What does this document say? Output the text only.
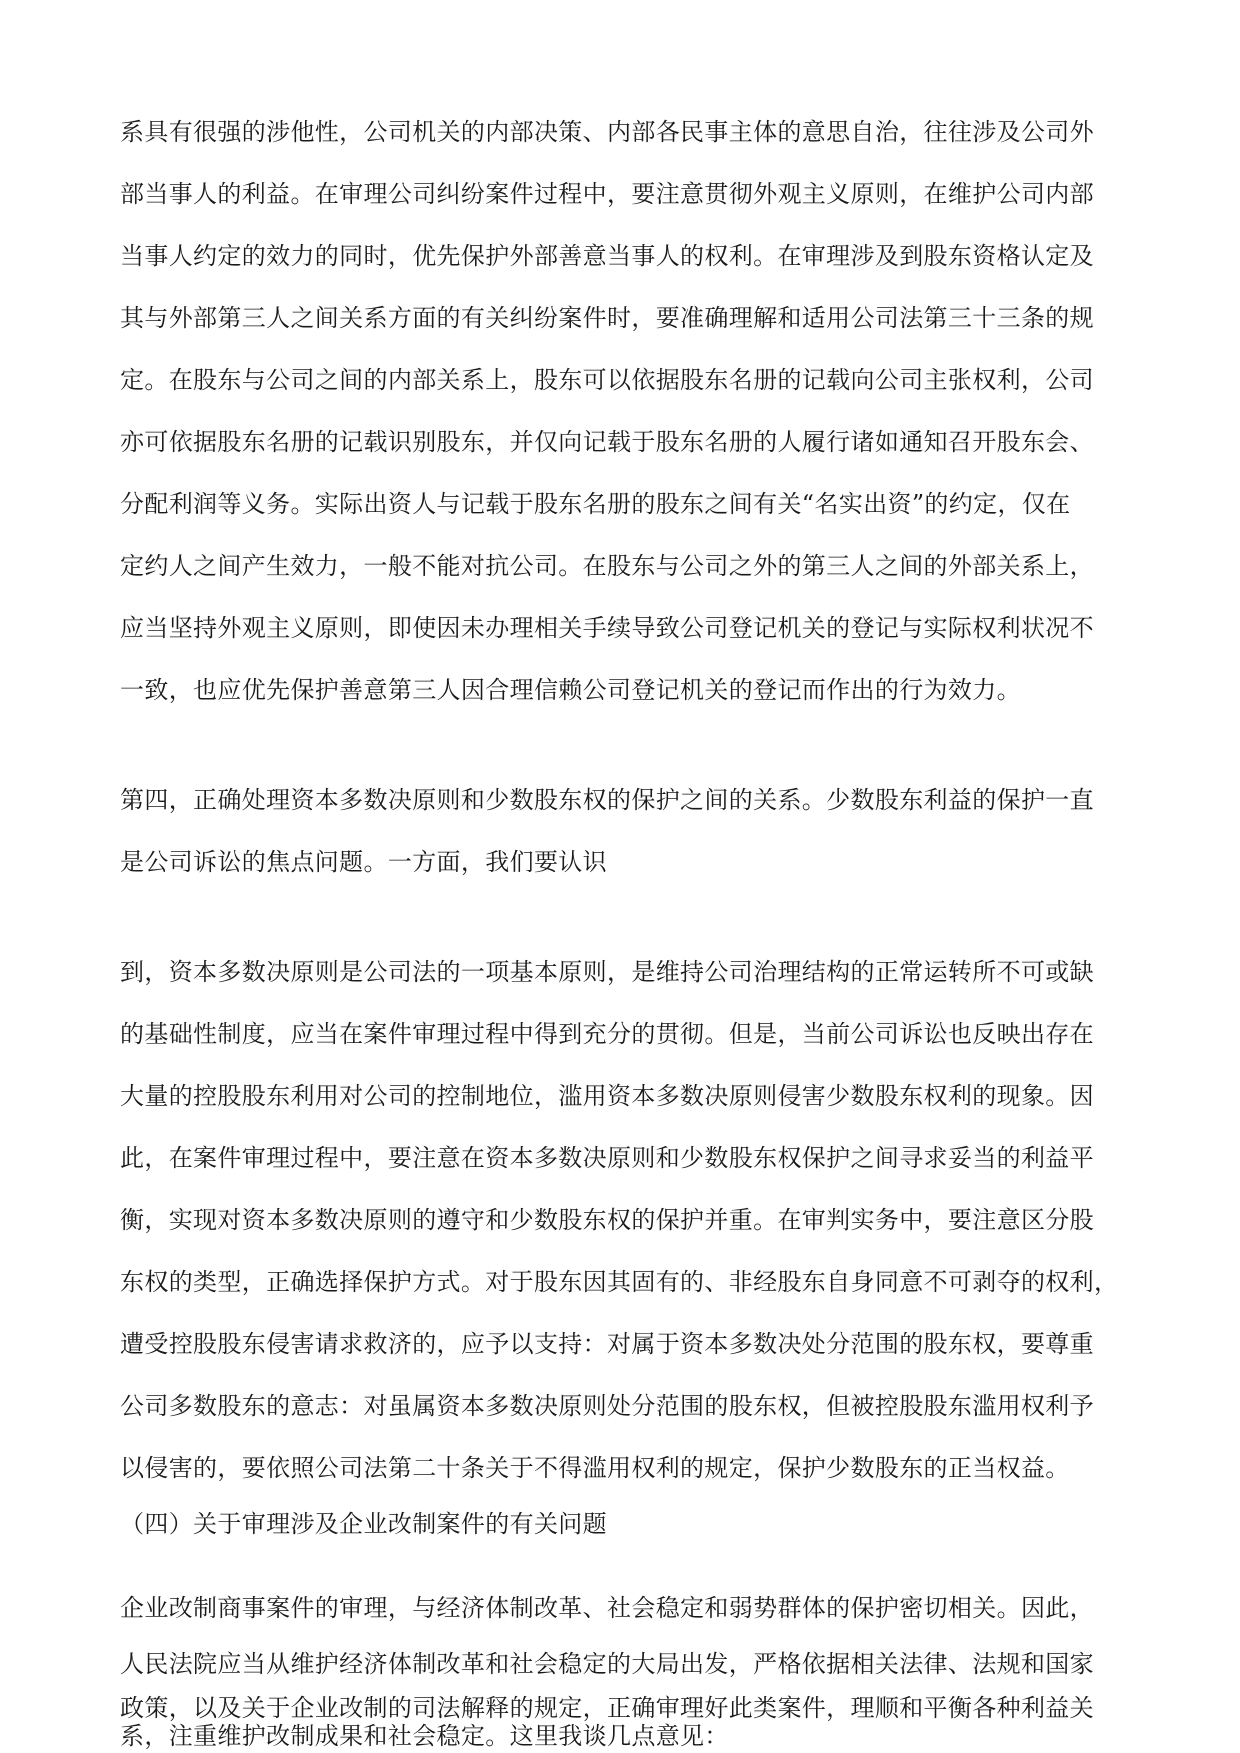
系具有很强的涉他性，公司机关的内部决策、内部各民事主体的意思自治，往往涉及公司外

部当事人的利益。在审理公司纠纷案件过程中，要注意贯彻外观主义原则，在维护公司内部

当事人约定的效力的同时，优先保护外部善意当事人的权利。在审理涉及到股东资格认定及

其与外部第三人之间关系方面的有关纠纷案件时，要准确理解和适用公司法第三十三条的规

定。在股东与公司之间的内部关系上，股东可以依据股东名册的记载向公司主张权利，公司

亦可依据股东名册的记载识别股东，并仅向记载于股东名册的人履行诸如通知召开股东会、

分配利润等义务。实际出资人与记载于股东名册的股东之间有关“名实出资”的约定，仅在

定约人之间产生效力，一般不能对抗公司。在股东与公司之外的第三人之间的外部关系上，

应当坚持外观主义原则，即使因未办理相关手续导致公司登记机关的登记与实际权利状况不

一致，也应优先保护善意第三人因合理信赖公司登记机关的登记而作出的行为效力。

第四，正确处理资本多数决原则和少数股东权的保护之间的关系。少数股东利益的保护一直

是公司诉讼的焦点问题。一方面，我们要认识

到，资本多数决原则是公司法的一项基本原则，是维持公司治理结构的正常运转所不可或缺

的基础性制度，应当在案件审理过程中得到充分的贯彻。但是，当前公司诉讼也反映出存在

大量的控股股东利用对公司的控制地位，滥用资本多数决原则侵害少数股东权利的现象。因

此，在案件审理过程中，要注意在资本多数决原则和少数股东权保护之间寻求妥当的利益平

衡，实现对资本多数决原则的遵守和少数股东权的保护并重。在审判实务中，要注意区分股

东权的类型，正确选择保护方式。对于股东因其固有的、非经股东自身同意不可剥夺的权利，

遭受控股股东侵害请求救济的，应予以支持：对属于资本多数决处分范围的股东权，要尊重

公司多数股东的意志：对虽属资本多数决原则处分范围的股东权，但被控股股东滥用权利予

以侵害的，要依照公司法第二十条关于不得滥用权利的规定，保护少数股东的正当权益。

（四）关于审理涉及企业改制案件的有关问题

企业改制商事案件的审理，与经济体制改革、社会稳定和弱势群体的保护密切相关。因此，

人民法院应当从维护经济体制改革和社会稳定的大局出发，严格依据相关法律、法规和国家

政策，以及关于企业改制的司法解释的规定，正确审理好此类案件，理顺和平衡各种利益关

系，注重维护改制成果和社会稳定。这里我谈几点意见：
